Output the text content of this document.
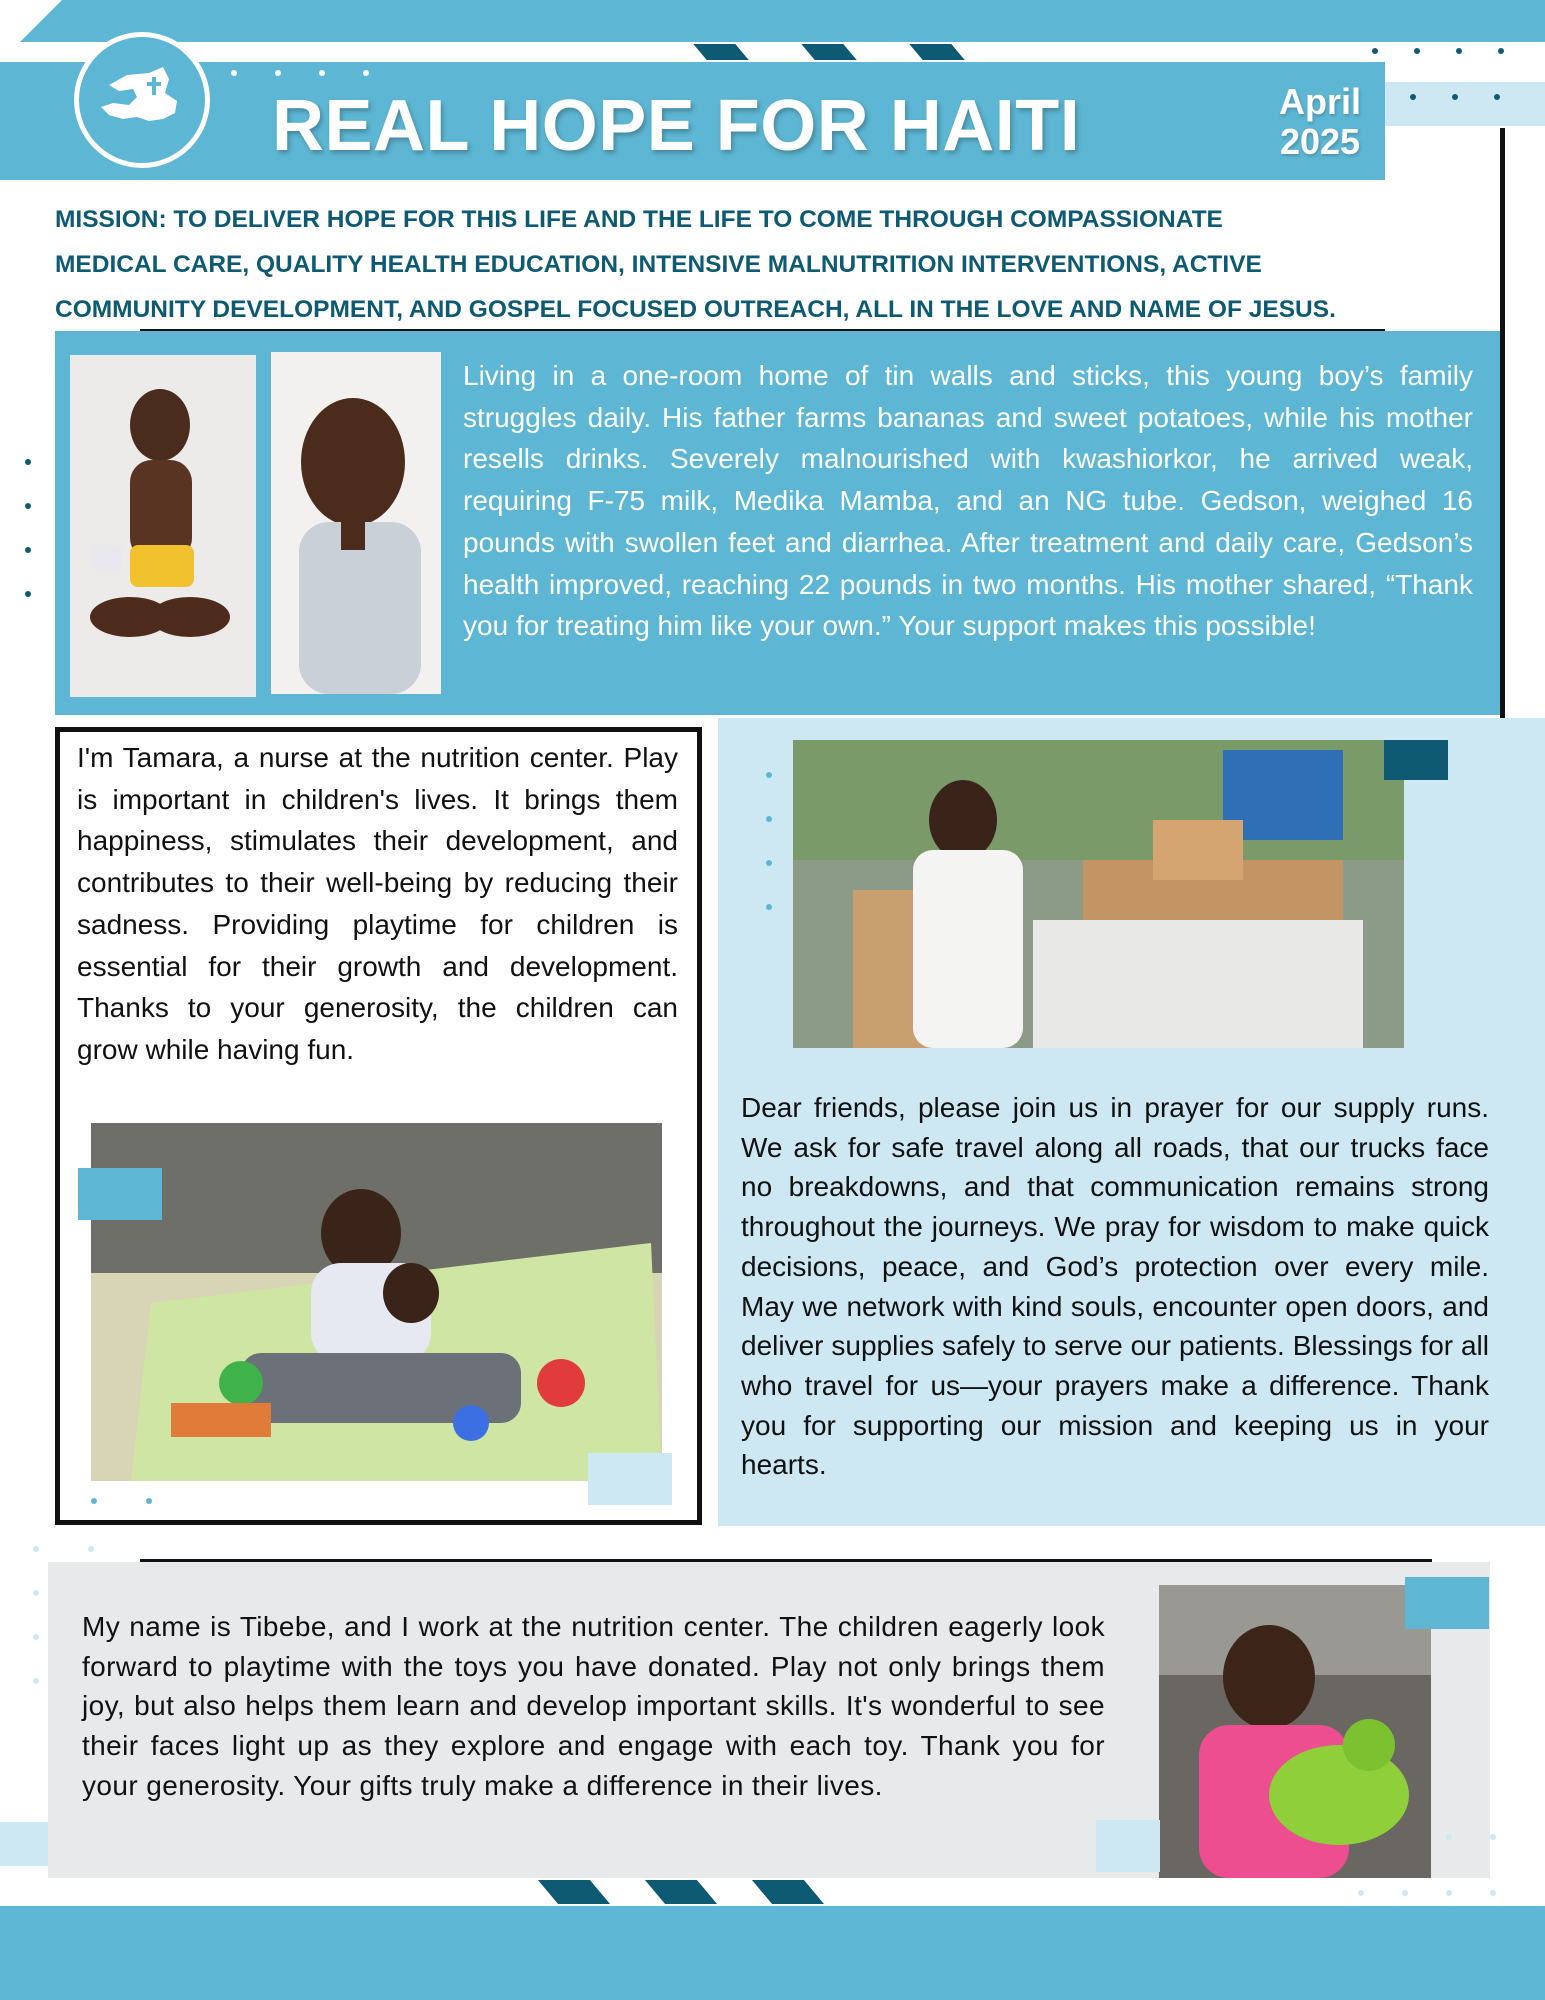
REAL HOPE FOR HAITI	April
2025
MISSION: TO DELIVER HOPE FOR THIS LIFE AND THE LIFE TO COME THROUGH COMPASSIONATE
MEDICAL CARE, QUALITY HEALTH EDUCATION, INTENSIVE MALNUTRITION INTERVENTIONS, ACTIVE
COMMUNITY DEVELOPMENT, AND GOSPEL FOCUSED OUTREACH, ALL IN THE LOVE AND NAME OF JESUS.
Living in a one-room home of tin walls and sticks, this young boy’s family struggles daily. His father farms bananas and sweet potatoes, while his mother resells drinks. Severely malnourished with kwashiorkor, he arrived weak, requiring F-75 milk, Medika Mamba, and an NG tube. Gedson, weighed 16 pounds with swollen feet and diarrhea. After treatment and daily care, Gedson’s health improved, reaching 22 pounds in two months. His mother shared, “Thank you for treating him like your own.” Your support makes this possible!
I'm Tamara, a nurse at the nutrition center. Play is important in children's lives. It brings them happiness, stimulates their development, and contributes to their well-being by reducing their sadness. Providing playtime for children is essential for their growth and development. Thanks to your generosity, the children can grow while having fun.
Dear friends, please join us in prayer for our supply runs. We ask for safe travel along all roads, that our trucks face no breakdowns, and that communication remains strong throughout the journeys. We pray for wisdom to make quick decisions, peace, and God’s protection over every mile. May we network with kind souls, encounter open doors, and deliver supplies safely to serve our patients. Blessings for all who travel for us—your prayers make a difference. Thank you for supporting our mission and keeping us in your hearts.
My name is Tibebe, and I work at the nutrition center. The children eagerly look forward to playtime with the toys you have donated. Play not only brings them joy, but also helps them learn and develop important skills. It's wonderful to see their faces light up as they explore and engage with each toy. Thank you for your generosity. Your gifts truly make a difference in their lives.
